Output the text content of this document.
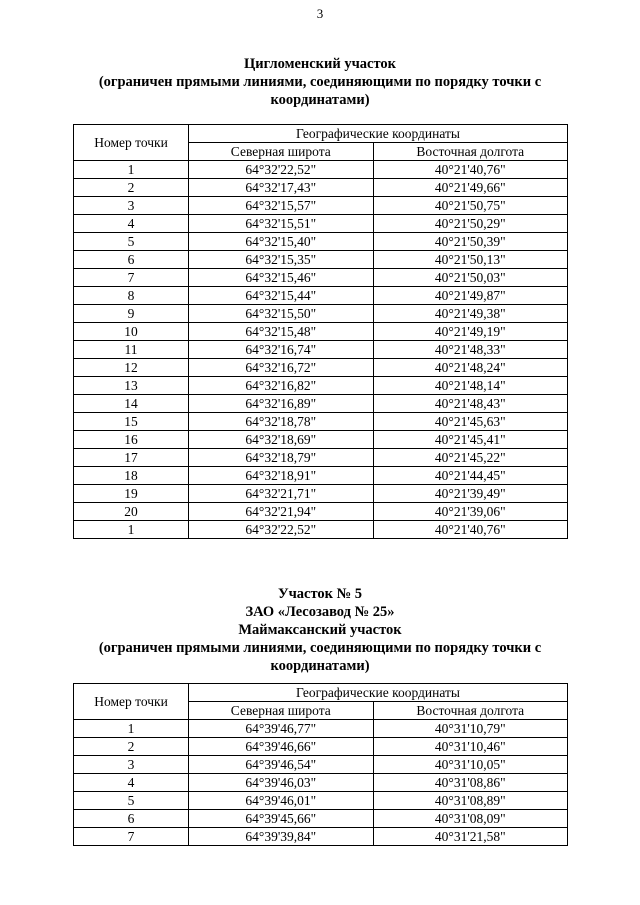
3
Цигломенский участок
(ограничен прямыми линиями, соединяющими по порядку точки с
координатами)
Номер точки	Географические координаты	
	Северная широта	Восточная долгота
1	64°32'22,52"	40°21'40,76"
2	64°32'17,43"	40°21'49,66"
3	64°32'15,57"	40°21'50,75"
4	64°32'15,51"	40°21'50,29"
5	64°32'15,40"	40°21'50,39"
6	64°32'15,35"	40°21'50,13"
7	64°32'15,46"	40°21'50,03"
8	64°32'15,44"	40°21'49,87"
9	64°32'15,50"	40°21'49,38"
10	64°32'15,48"	40°21'49,19"
11	64°32'16,74"	40°21'48,33"
12	64°32'16,72"	40°21'48,24"
13	64°32'16,82"	40°21'48,14"
14	64°32'16,89"	40°21'48,43"
15	64°32'18,78"	40°21'45,63"
16	64°32'18,69"	40°21'45,41"
17	64°32'18,79"	40°21'45,22"
18	64°32'18,91"	40°21'44,45"
19	64°32'21,71"	40°21'39,49"
20	64°32'21,94"	40°21'39,06"
1	64°32'22,52"	40°21'40,76"
Участок № 5
ЗАО «Лесозавод № 25»
Маймаксанский участок
(ограничен прямыми линиями, соединяющими по порядку точки с
координатами)
Номер точки	Географические координаты	
	Северная широта	Восточная долгота
1	64°39'46,77"	40°31'10,79"
2	64°39'46,66"	40°31'10,46"
3	64°39'46,54"	40°31'10,05"
4	64°39'46,03"	40°31'08,86"
5	64°39'46,01"	40°31'08,89"
6	64°39'45,66"	40°31'08,09"
7	64°39'39,84"	40°31'21,58"
